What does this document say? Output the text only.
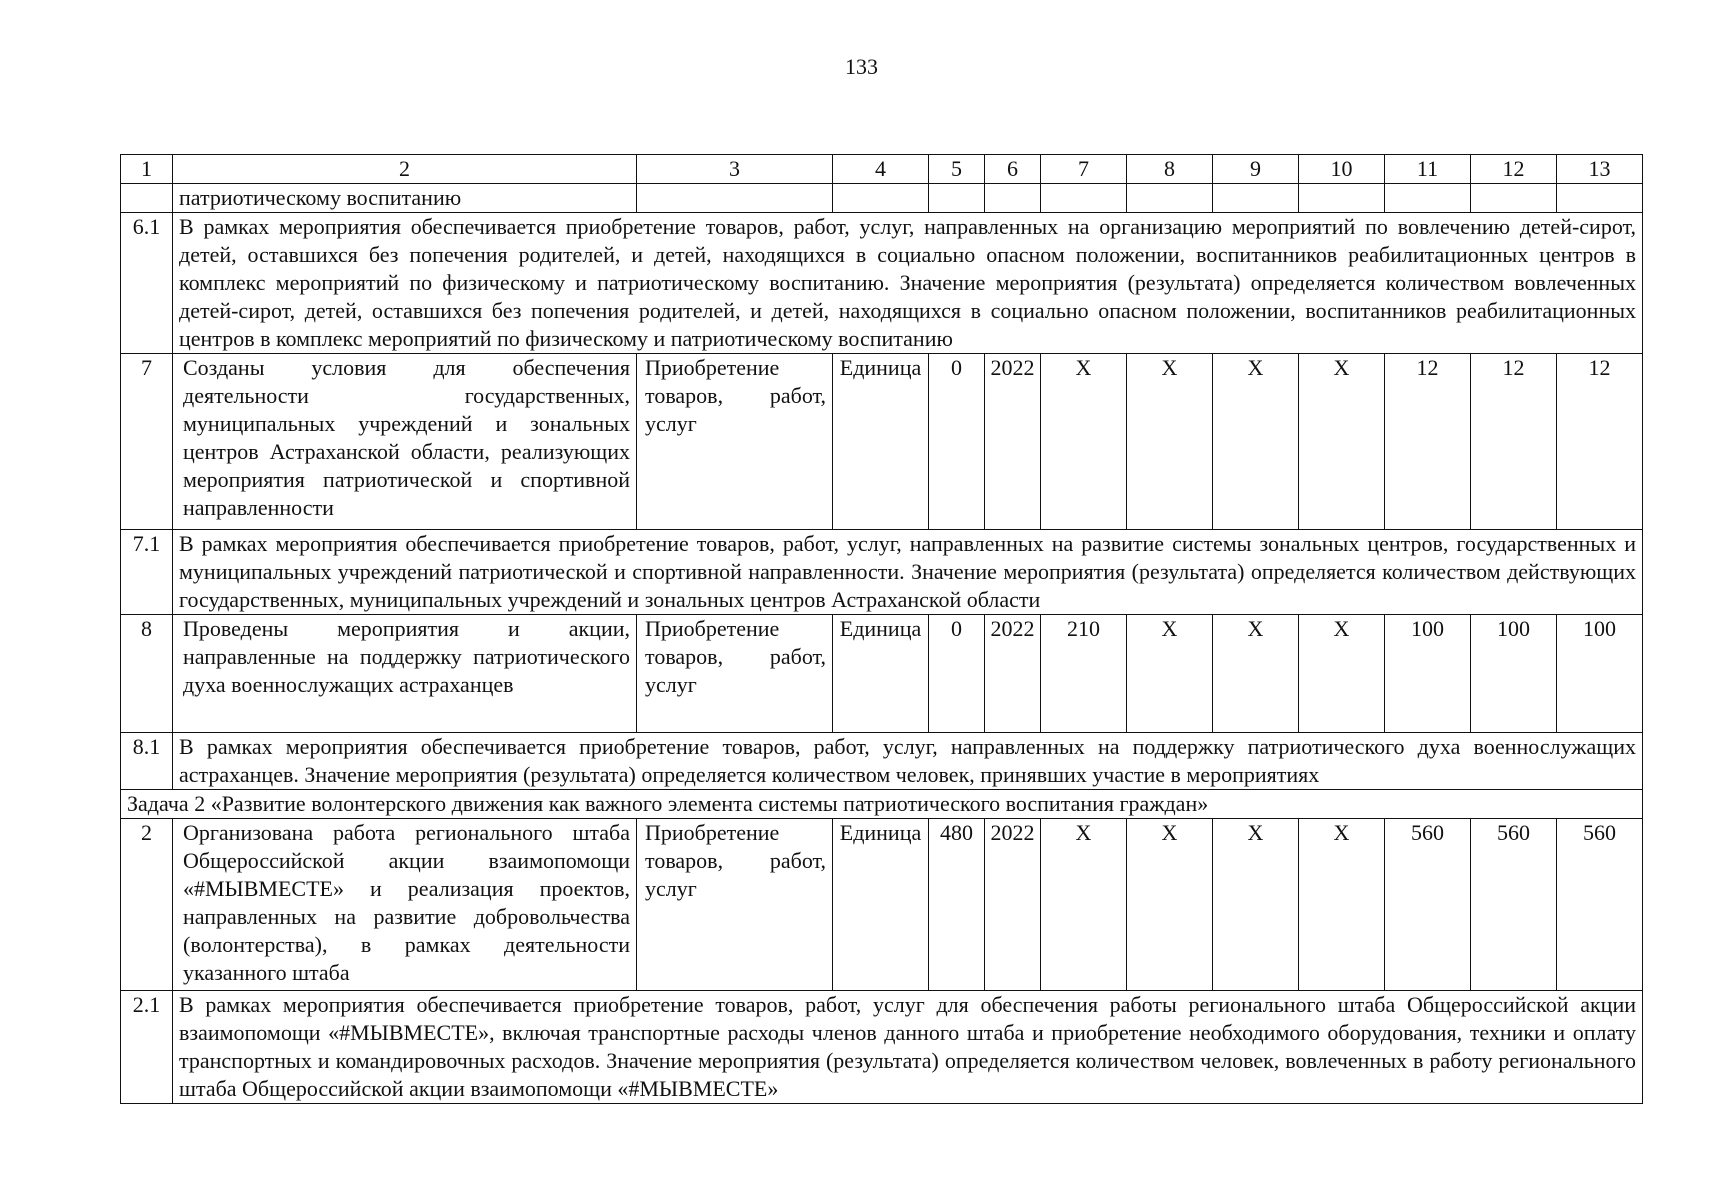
133
1	2	3	4	5	6	7	8	9	10	11	12	13
	патриотическому воспитанию											
6.1	В рамках мероприятия обеспечивается приобретение товаров, работ, услуг, направленных на организацию мероприятий по вовлечению детей-сирот, детей, оставшихся без попечения родителей, и детей, находящихся в социально опасном положении, воспитанников реабилитационных центров в комплекс мероприятий по физическому и патриотическому воспитанию. Значение мероприятия (результата) определяется количеством вовлеченных детей-сирот, детей, оставшихся без попечения родителей, и детей, находящихся в социально опасном положении, воспитанников реабилитационных центров в комплекс мероприятий по физическому и патриотическому воспитанию											
7	Созданы условия для обеспечения деятельности государственных, муниципальных учреждений и зональных центров Астраханской области, реализующих мероприятия патриотической и спортивной направленности	Приобретение товаров, работ, услуг	Единица	0	2022	Х	Х	Х	Х	12	12	12
7.1	В рамках мероприятия обеспечивается приобретение товаров, работ, услуг, направленных на развитие системы зональных центров, государственных и муниципальных учреждений патриотической и спортивной направленности. Значение мероприятия (результата) определяется количеством действующих государственных, муниципальных учреждений и зональных центров Астраханской области											
8	Проведены мероприятия и акции, направленные на поддержку патриотического духа военнослужащих астраханцев	Приобретение товаров, работ, услуг	Единица	0	2022	210	Х	Х	Х	100	100	100
8.1	В рамках мероприятия обеспечивается приобретение товаров, работ, услуг, направленных на поддержку патриотического духа военнослужащих астраханцев. Значение мероприятия (результата) определяется количеством человек, принявших участие в мероприятиях											
Задача 2 «Развитие волонтерского движения как важного элемента системы патриотического воспитания граждан»												
2	Организована работа регионального штаба Общероссийской акции взаимопомощи «#МЫВМЕСТЕ» и реализация проектов, направленных на развитие добровольчества (волонтерства), в рамках деятельности указанного штаба	Приобретение товаров, работ, услуг	Единица	480	2022	Х	Х	Х	Х	560	560	560
2.1	В рамках мероприятия обеспечивается приобретение товаров, работ, услуг для обеспечения работы регионального штаба Общероссийской акции взаимопомощи «#МЫВМЕСТЕ», включая транспортные расходы членов данного штаба и приобретение необходимого оборудования, техники и оплату транспортных и командировочных расходов. Значение мероприятия (результата) определяется количеством человек, вовлеченных в работу регионального штаба Общероссийской акции взаимопомощи «#МЫВМЕСТЕ»											
